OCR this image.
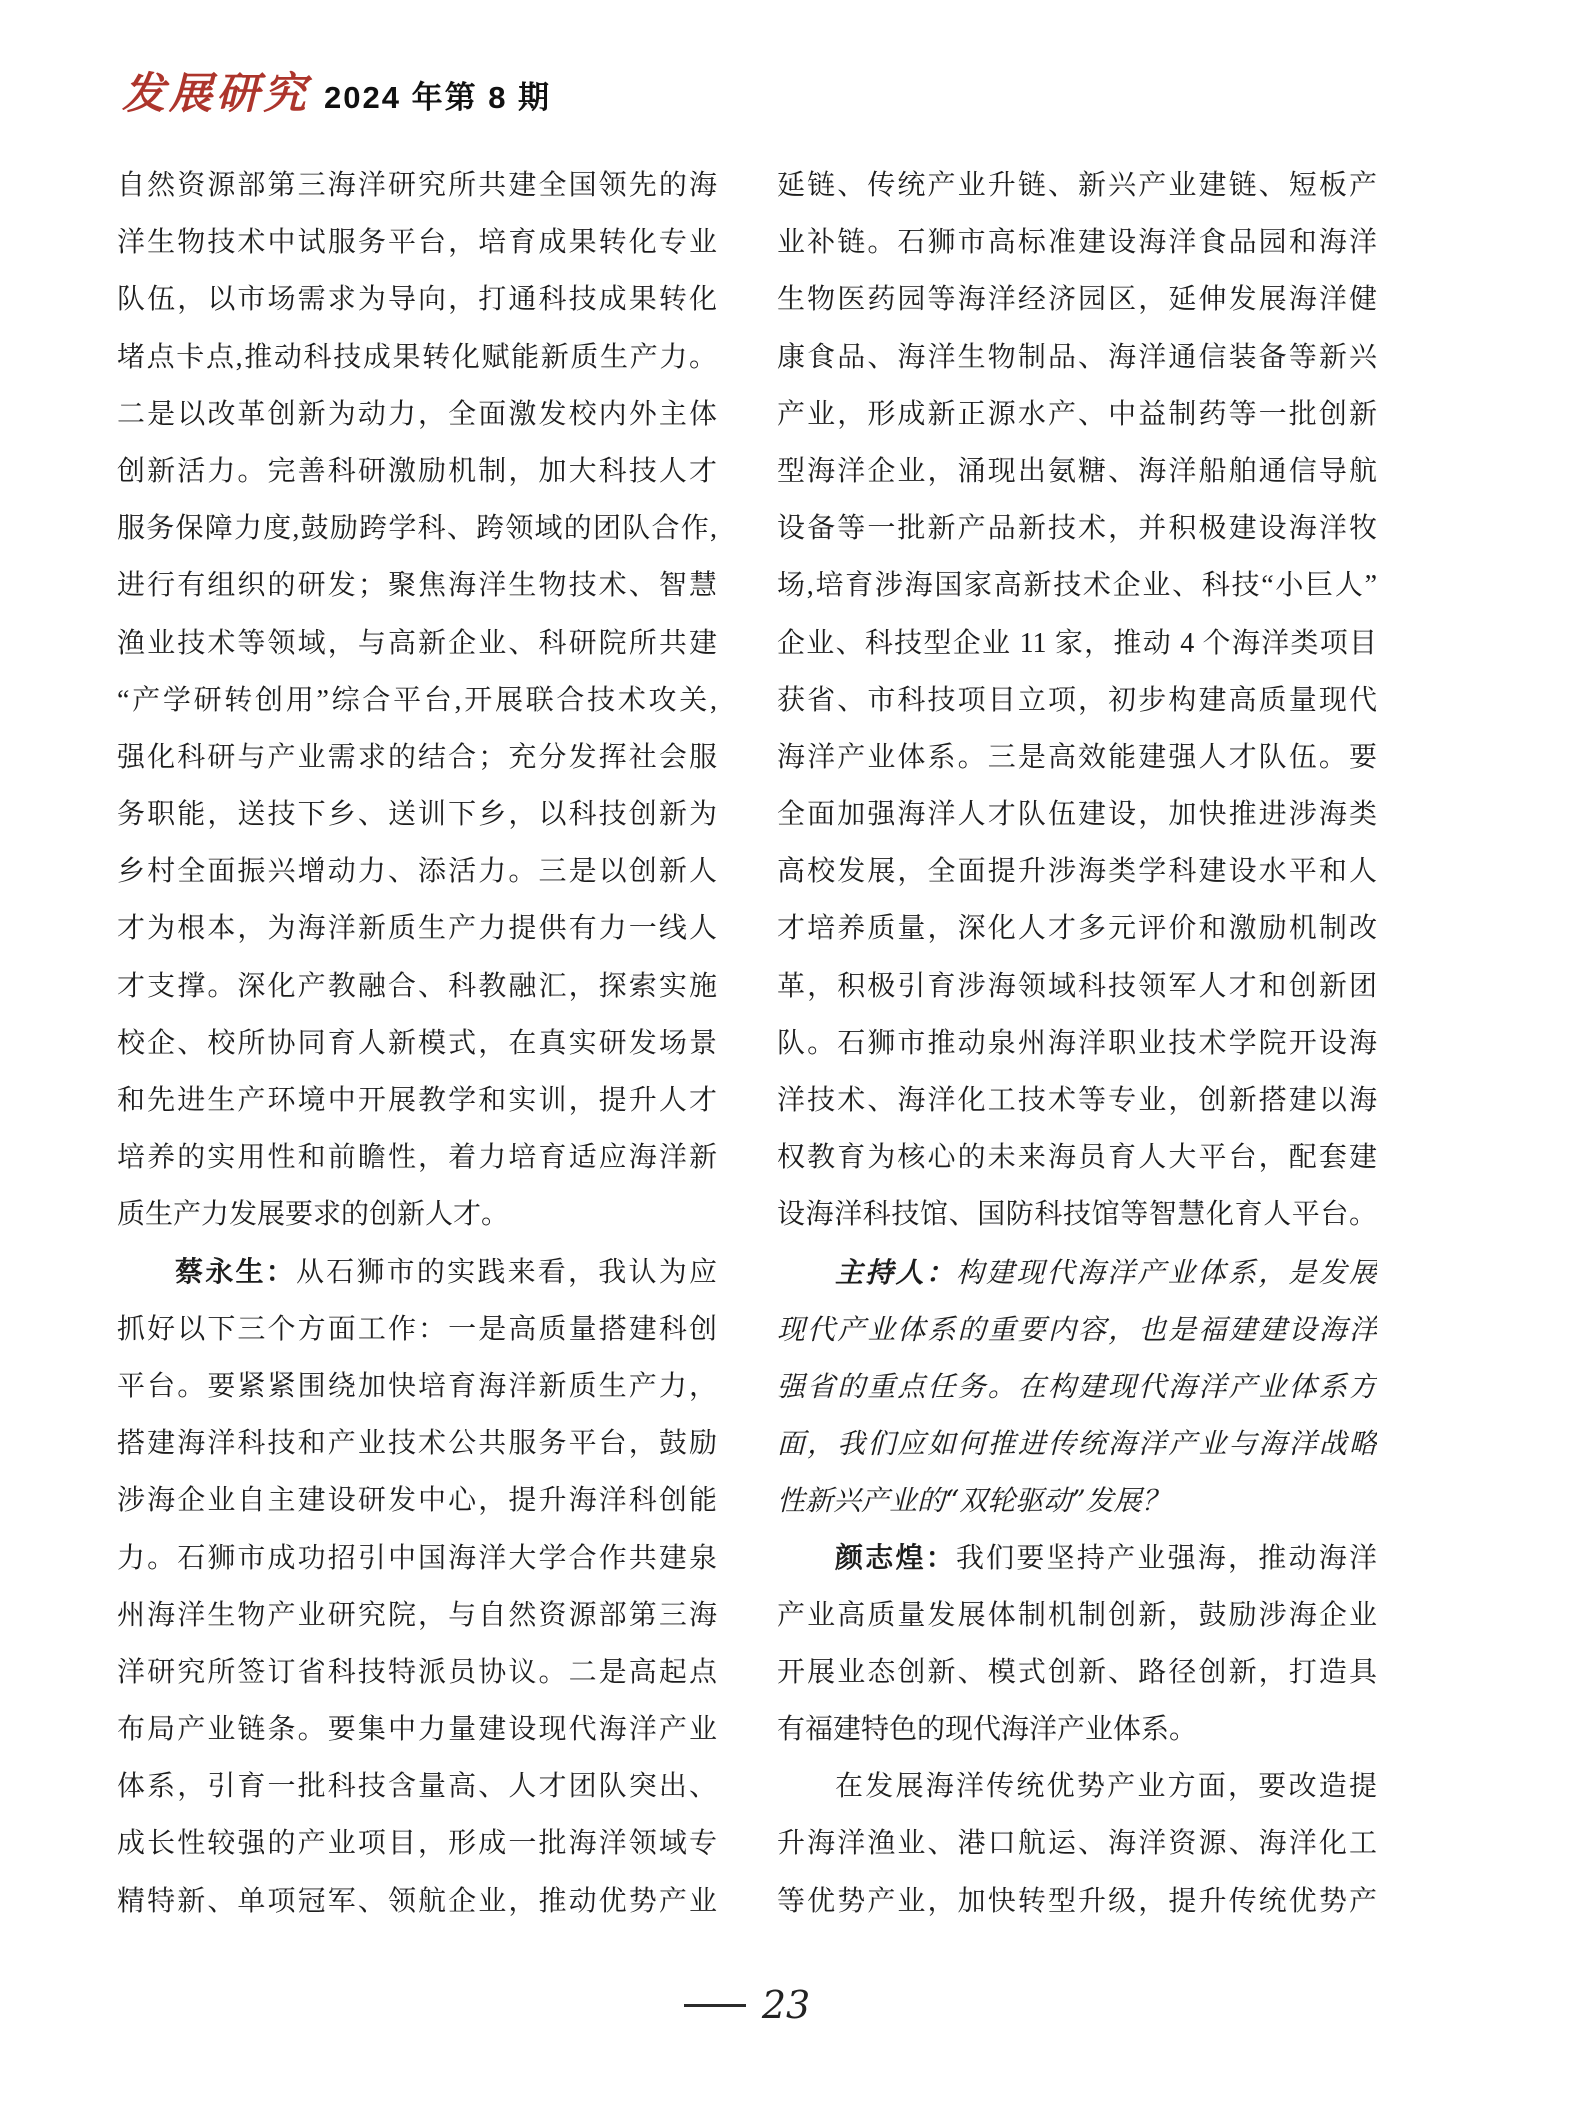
发展研究 2024 年第 8 期
自然资源部第三海洋研究所共建全国领先的海
洋生物技术中试服务平台，培育成果转化专业
队伍，以市场需求为导向，打通科技成果转化
堵点卡点,推动科技成果转化赋能新质生产力。
二是以改革创新为动力，全面激发校内外主体
创新活力。完善科研激励机制，加大科技人才
服务保障力度,鼓励跨学科、跨领域的团队合作,
进行有组织的研发；聚焦海洋生物技术、智慧
渔业技术等领域，与高新企业、科研院所共建
“产学研转创用”综合平台,开展联合技术攻关,
强化科研与产业需求的结合；充分发挥社会服
务职能，送技下乡、送训下乡，以科技创新为
乡村全面振兴增动力、添活力。三是以创新人
才为根本，为海洋新质生产力提供有力一线人
才支撑。深化产教融合、科教融汇，探索实施
校企、校所协同育人新模式，在真实研发场景
和先进生产环境中开展教学和实训，提升人才
培养的实用性和前瞻性，着力培育适应海洋新
质生产力发展要求的创新人才。
蔡永生：从石狮市的实践来看，我认为应
抓好以下三个方面工作：一是高质量搭建科创
平台。要紧紧围绕加快培育海洋新质生产力，
搭建海洋科技和产业技术公共服务平台，鼓励
涉海企业自主建设研发中心，提升海洋科创能
力。石狮市成功招引中国海洋大学合作共建泉
州海洋生物产业研究院，与自然资源部第三海
洋研究所签订省科技特派员协议。二是高起点
布局产业链条。要集中力量建设现代海洋产业
体系，引育一批科技含量高、人才团队突出、
成长性较强的产业项目，形成一批海洋领域专
精特新、单项冠军、领航企业，推动优势产业
延链、传统产业升链、新兴产业建链、短板产
业补链。石狮市高标准建设海洋食品园和海洋
生物医药园等海洋经济园区，延伸发展海洋健
康食品、海洋生物制品、海洋通信装备等新兴
产业，形成新正源水产、中益制药等一批创新
型海洋企业，涌现出氨糖、海洋船舶通信导航
设备等一批新产品新技术，并积极建设海洋牧
场,培育涉海国家高新技术企业、科技“小巨人”
企业、科技型企业 11 家，推动 4 个海洋类项目
获省、市科技项目立项，初步构建高质量现代
海洋产业体系。三是高效能建强人才队伍。要
全面加强海洋人才队伍建设，加快推进涉海类
高校发展，全面提升涉海类学科建设水平和人
才培养质量，深化人才多元评价和激励机制改
革，积极引育涉海领域科技领军人才和创新团
队。石狮市推动泉州海洋职业技术学院开设海
洋技术、海洋化工技术等专业，创新搭建以海
权教育为核心的未来海员育人大平台，配套建
设海洋科技馆、国防科技馆等智慧化育人平台。
主持人：构建现代海洋产业体系，是发展
现代产业体系的重要内容，也是福建建设海洋
强省的重点任务。在构建现代海洋产业体系方
面，我们应如何推进传统海洋产业与海洋战略
性新兴产业的“双轮驱动”发展？
颜志煌：我们要坚持产业强海，推动海洋
产业高质量发展体制机制创新，鼓励涉海企业
开展业态创新、模式创新、路径创新，打造具
有福建特色的现代海洋产业体系。
在发展海洋传统优势产业方面，要改造提
升海洋渔业、港口航运、海洋资源、海洋化工
等优势产业，加快转型升级，提升传统优势产
23
